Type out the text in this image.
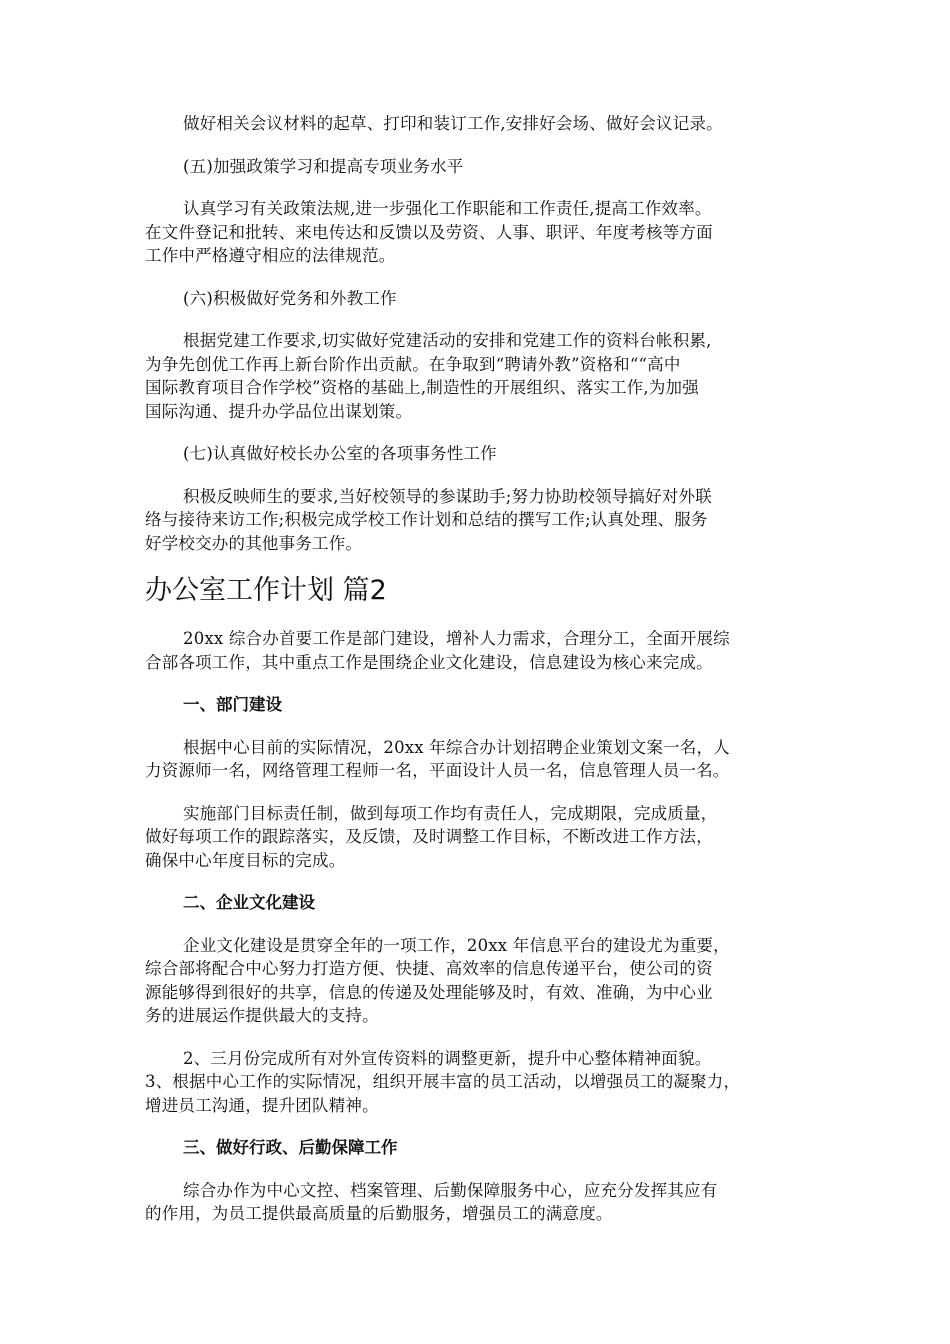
做好相关会议材料的起草、打印和装订工作,安排好会场、做好会议记录。

(五)加强政策学习和提高专项业务水平

认真学习有关政策法规,进一步强化工作职能和工作责任,提高工作效率。
在文件登记和批转、来电传达和反馈以及劳资、人事、职评、年度考核等方面
工作中严格遵守相应的法律规范。

(六)积极做好党务和外教工作

根据党建工作要求,切实做好党建活动的安排和党建工作的资料台帐积累,
为争先创优工作再上新台阶作出贡献。在争取到“聘请外教”资格和““高中
国际教育项目合作学校”资格的基础上,制造性的开展组织、落实工作,为加强
国际沟通、提升办学品位出谋划策。

(七)认真做好校长办公室的各项事务性工作

积极反映师生的要求,当好校领导的参谋助手;努力协助校领导搞好对外联
络与接待来访工作;积极完成学校工作计划和总结的撰写工作;认真处理、服务
好学校交办的其他事务工作。

办公室工作计划 篇2

20xx 综合办首要工作是部门建设，增补人力需求，合理分工，全面开展综
合部各项工作，其中重点工作是围绕企业文化建设，信息建设为核心来完成。

一、部门建设

根据中心目前的实际情况，20xx 年综合办计划招聘企业策划文案一名，人
力资源师一名，网络管理工程师一名，平面设计人员一名，信息管理人员一名。

实施部门目标责任制，做到每项工作均有责任人，完成期限，完成质量，
做好每项工作的跟踪落实，及反馈，及时调整工作目标，不断改进工作方法，
确保中心年度目标的完成。

二、企业文化建设

企业文化建设是贯穿全年的一项工作，20xx 年信息平台的建设尤为重要，
综合部将配合中心努力打造方便、快捷、高效率的信息传递平台，使公司的资
源能够得到很好的共享，信息的传递及处理能够及时，有效、准确，为中心业
务的进展运作提供最大的支持。

2、三月份完成所有对外宣传资料的调整更新，提升中心整体精神面貌。
3、根据中心工作的实际情况，组织开展丰富的员工活动，以增强员工的凝聚力，
增进员工沟通，提升团队精神。

三、做好行政、后勤保障工作

综合办作为中心文控、档案管理、后勤保障服务中心，应充分发挥其应有
的作用，为员工提供最高质量的后勤服务，增强员工的满意度。
